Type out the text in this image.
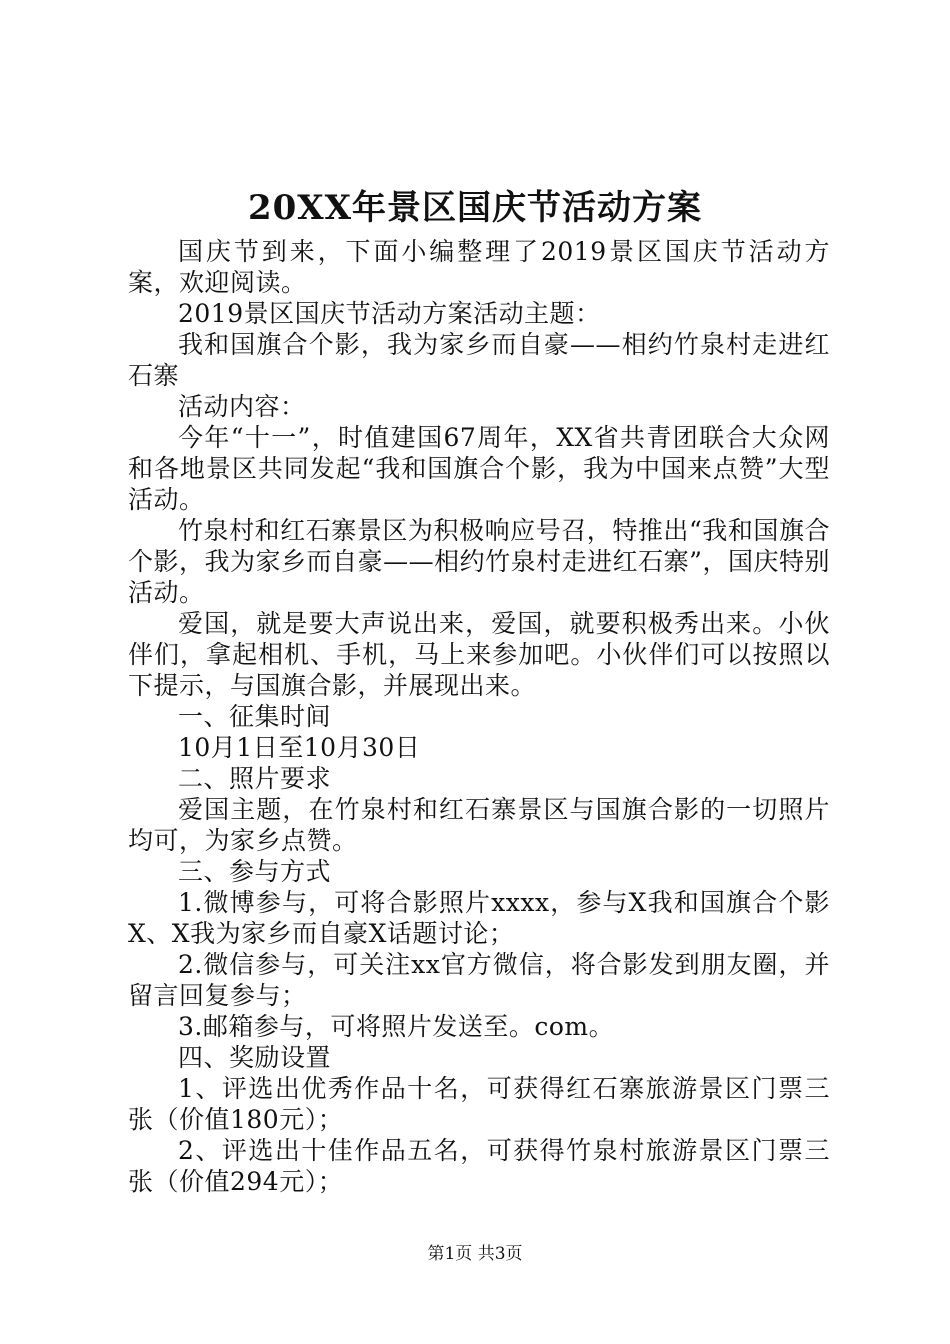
20XX年景区国庆节活动方案

国庆节到来，下面小编整理了2019景区国庆节活动方案，欢迎阅读。

2019景区国庆节活动方案活动主题：

我和国旗合个影，我为家乡而自豪——相约竹泉村走进红石寨

活动内容：

今年“十一”，时值建国67周年，XX省共青团联合大众网和各地景区共同发起“我和国旗合个影，我为中国来点赞”大型活动。

竹泉村和红石寨景区为积极响应号召，特推出“我和国旗合个影，我为家乡而自豪——相约竹泉村走进红石寨”，国庆特别活动。

爱国，就是要大声说出来，爱国，就要积极秀出来。小伙伴们，拿起相机、手机，马上来参加吧。小伙伴们可以按照以下提示，与国旗合影，并展现出来。

一、征集时间

10月1日至10月30日

二、照片要求

爱国主题，在竹泉村和红石寨景区与国旗合影的一切照片均可，为家乡点赞。

三、参与方式

1.微博参与，可将合影照片xxxx，参与X我和国旗合个影X、X我为家乡而自豪X话题讨论；

2.微信参与，可关注xx官方微信，将合影发到朋友圈，并留言回复参与；

3.邮箱参与，可将照片发送至。com。

四、奖励设置

1、评选出优秀作品十名，可获得红石寨旅游景区门票三张（价值180元）；

2、评选出十佳作品五名，可获得竹泉村旅游景区门票三张（价值294元）；

第1页 共3页
